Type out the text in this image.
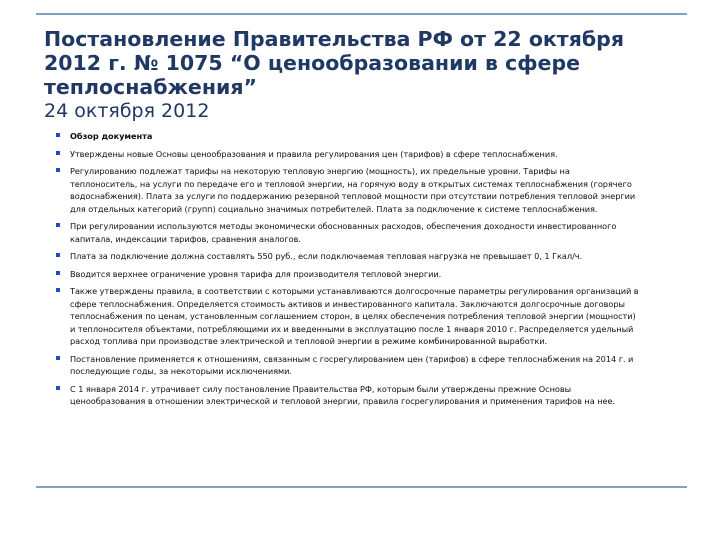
Постановление Правительства РФ от 22 октября
2012 г. № 1075 “О ценообразовании в сфере
теплоснабжения”
24 октября 2012
Обзор документа
Утверждены новые Основы ценообразования и правила регулирования цен (тарифов) в сфере теплоснабжения.
Регулированию подлежат тарифы на некоторую тепловую энергию (мощность), их предельные уровни. Тарифы на
теплоноситель, на услуги по передаче его и тепловой энергии, на горячую воду в открытых системах теплоснабжения (горячего
водоснабжения). Плата за услуги по поддержанию резервной тепловой мощности при отсутствии потребления тепловой энергии
для отдельных категорий (групп) социально значимых потребителей. Плата за подключение к системе теплоснабжения.
При регулировании используются методы экономически обоснованных расходов, обеспечения доходности инвестированного
капитала, индексации тарифов, сравнения аналогов.
Плата за подключение должна составлять 550 руб., если подключаемая тепловая нагрузка не превышает 0, 1 Гкал/ч.
Вводится верхнее ограничение уровня тарифа для производителя тепловой энергии.
Также утверждены правила, в соответствии с которыми устанавливаются долгосрочные параметры регулирования организаций в
сфере теплоснабжения. Определяется стоимость активов и инвестированного капитала. Заключаются долгосрочные договоры
теплоснабжения по ценам, установленным соглашением сторон, в целях обеспечения потребления тепловой энергии (мощности)
и теплоносителя объектами, потребляющими их и введенными в эксплуатацию после 1 января 2010 г. Распределяется удельный
расход топлива при производстве электрической и тепловой энергии в режиме комбинированной выработки.
Постановление применяется к отношениям, связанным с госрегулированием цен (тарифов) в сфере теплоснабжения на 2014 г. и
последующие годы, за некоторыми исключениями.
С 1 января 2014 г. утрачивает силу постановление Правительства РФ, которым были утверждены прежние Основы
ценообразования в отношении электрической и тепловой энергии, правила госрегулирования и применения тарифов на нее.
